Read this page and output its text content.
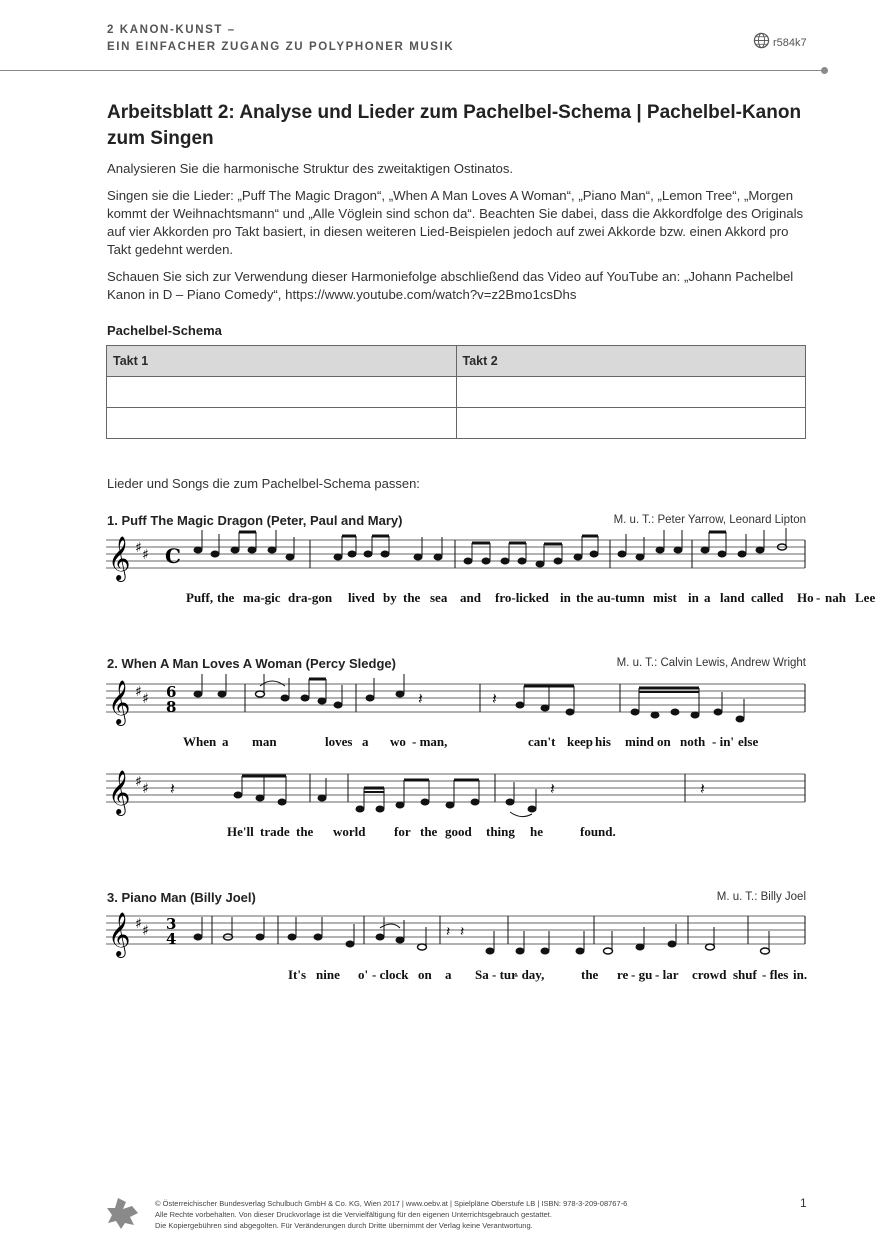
2 KANON-KUNST –
EIN EINFACHER ZUGANG ZU POLYPHONER MUSIK	r584k7
Arbeitsblatt 2: Analyse und Lieder zum Pachelbel-Schema | Pachelbel-Kanon zum Singen

Analysieren Sie die harmonische Struktur des zweitaktigen Ostinatos.

Singen sie die Lieder: „Puff The Magic Dragon“, „When A Man Loves A Woman“, „Piano Man“, „Lemon Tree“, „Morgen kommt der Weihnachtsmann“ und „Alle Vöglein sind schon da“. Beachten Sie dabei, dass die Akkordfolge des Originals auf vier Akkorden pro Takt basiert, in diesen weiteren Lied-Beispielen jedoch auf zwei Akkorde bzw. einen Akkord pro Takt gedehnt werden.

Schauen Sie sich zur Verwendung dieser Harmoniefolge abschließend das Video auf YouTube an: „Johann Pachelbel Kanon in D – Piano Comedy“, https://www.youtube.com/watch?v=z2Bmo1csDhs

Pachelbel-Schema
Takt 1	Takt 2

Lieder und Songs die zum Pachelbel-Schema passen:
1. Puff The Magic Dragon (Peter, Paul and Mary)	M. u. T.: Peter Yarrow, Leonard Lipton
𝄞 ♯ ♯ C
Puff, the ma-gic dra-gon lived by the sea and fro-licked in the au-tumn mist in a land called Ho - nah Lee
2. When A Man Loves A Woman (Percy Sledge)	M. u. T.: Calvin Lewis, Andrew Wright
𝄞 ♯ ♯ 6
8	𝄽	𝄽
When a man	loves a wo - man,	can't keep his mind on noth - in' else
𝄞 ♯ ♯ 𝄽	𝄽	𝄽
He'll trade the world for the good thing he	found.
3. Piano Man (Billy Joel)	M. u. T.: Billy Joel
𝄞 ♯ ♯ 3
4	𝄽 𝄽
It's nine o' - clock on a Sa - tur
- day,	the re - gu - lar crowd shuf - fles in.
© Österreichischer Bundesverlag Schulbuch GmbH & Co. KG, Wien 2017 | www.oebv.at | Spielpläne Oberstufe LB | ISBN: 978-3-209-08767-6
Alle Rechte vorbehalten. Von dieser Druckvorlage ist die Vervielfältigung für den eigenen Unterrichtsgebrauch gestattet.
Die Kopiergebühren sind abgegolten. Für Veränderungen durch Dritte übernimmt der Verlag keine Verantwortung.
1
